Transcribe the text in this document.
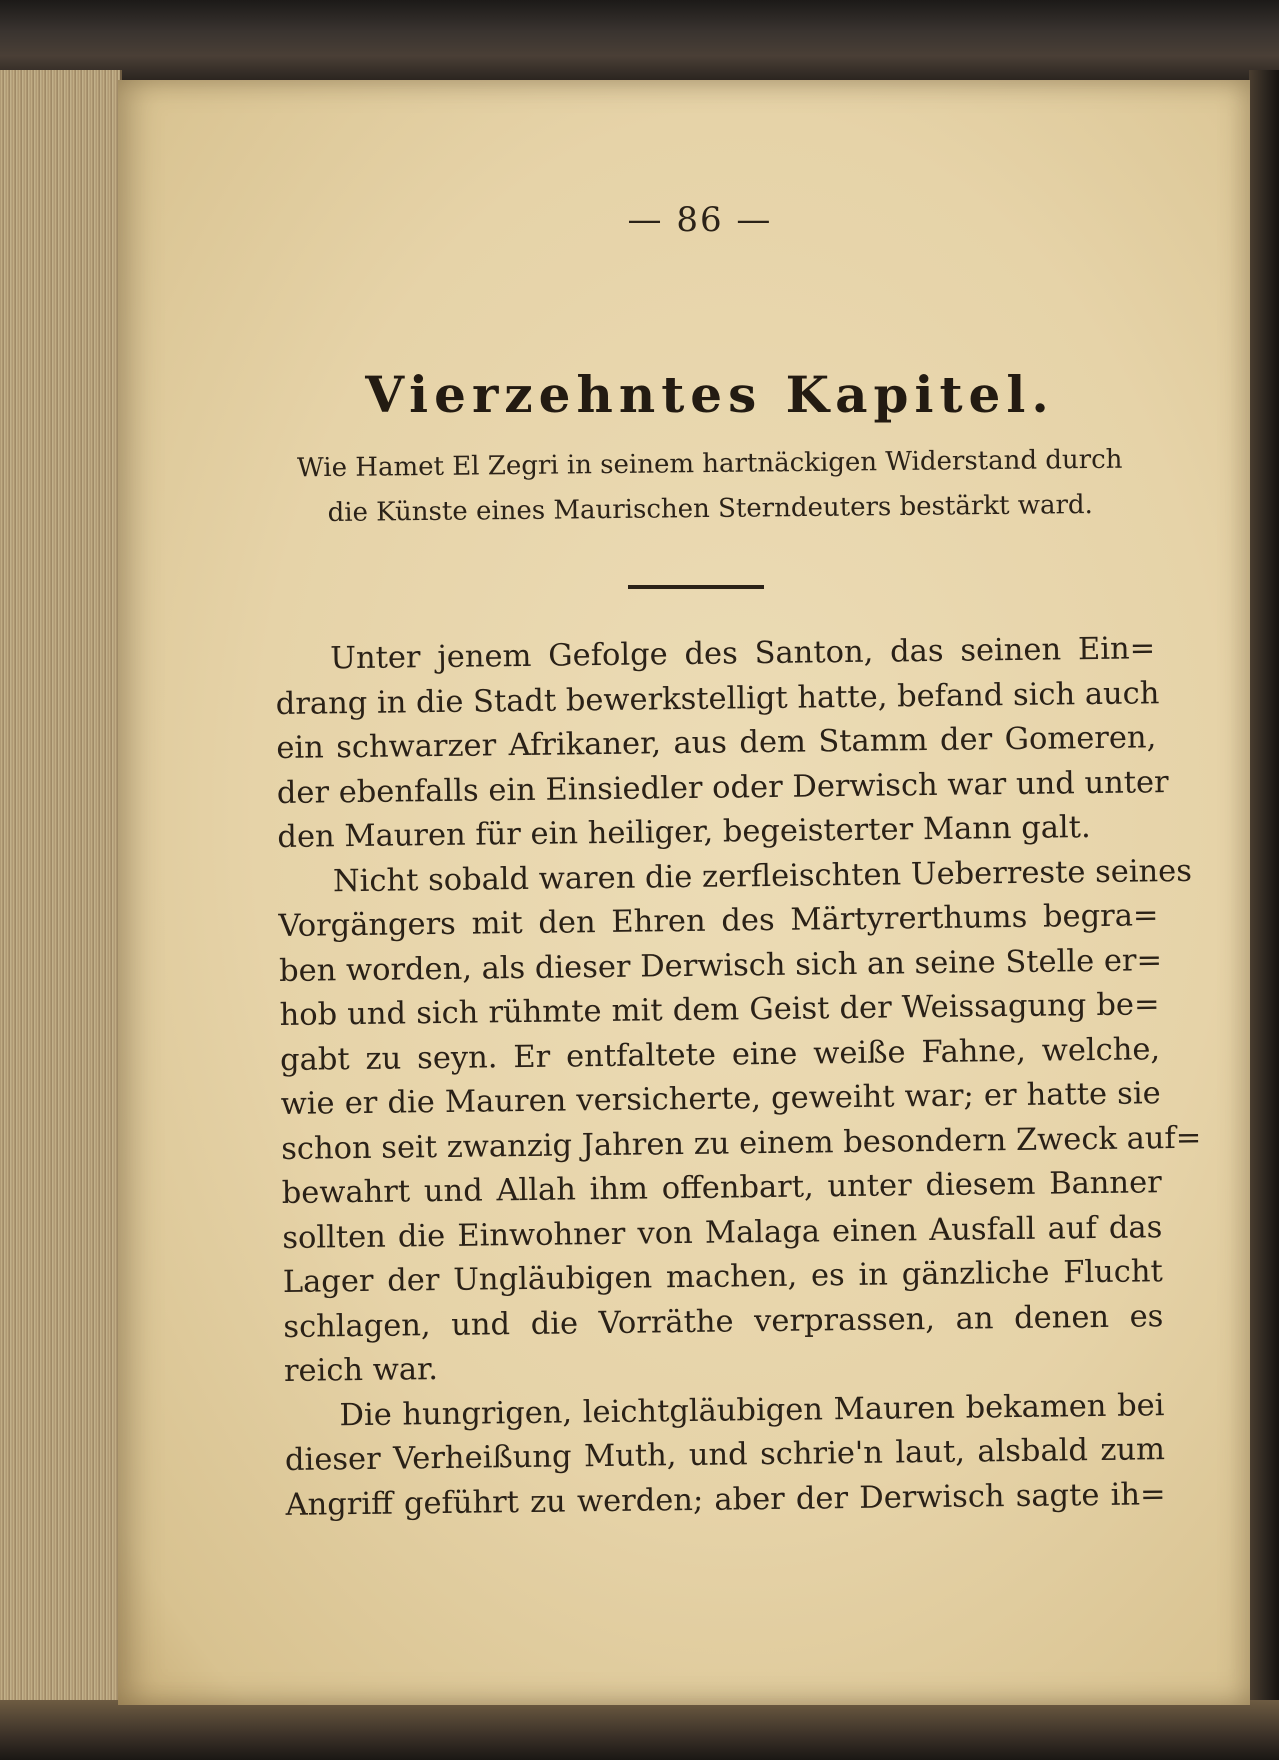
— 86 —
Vierzehntes Kapitel.
Wie Hamet El Zegri in seinem hartnäckigen Widerstand durch
die Künste eines Maurischen Sterndeuters bestärkt ward.
Unter jenem Gefolge des Santon, das seinen Ein=
drang in die Stadt bewerkstelligt hatte, befand sich auch
ein schwarzer Afrikaner, aus dem Stamm der Gomeren,
der ebenfalls ein Einsiedler oder Derwisch war und unter
den Mauren für ein heiliger, begeisterter Mann galt.
Nicht sobald waren die zerfleischten Ueberreste seines
Vorgängers mit den Ehren des Märtyrerthums begra=
ben worden, als dieser Derwisch sich an seine Stelle er=
hob und sich rühmte mit dem Geist der Weissagung be=
gabt zu seyn. Er entfaltete eine weiße Fahne, welche,
wie er die Mauren versicherte, geweiht war; er hatte sie
schon seit zwanzig Jahren zu einem besondern Zweck auf=
bewahrt und Allah ihm offenbart, unter diesem Banner
sollten die Einwohner von Malaga einen Ausfall auf das
Lager der Ungläubigen machen, es in gänzliche Flucht
schlagen, und die Vorräthe verprassen, an denen es
reich war.
Die hungrigen, leichtgläubigen Mauren bekamen bei
dieser Verheißung Muth, und schrie'n laut, alsbald zum
Angriff geführt zu werden; aber der Derwisch sagte ih=
